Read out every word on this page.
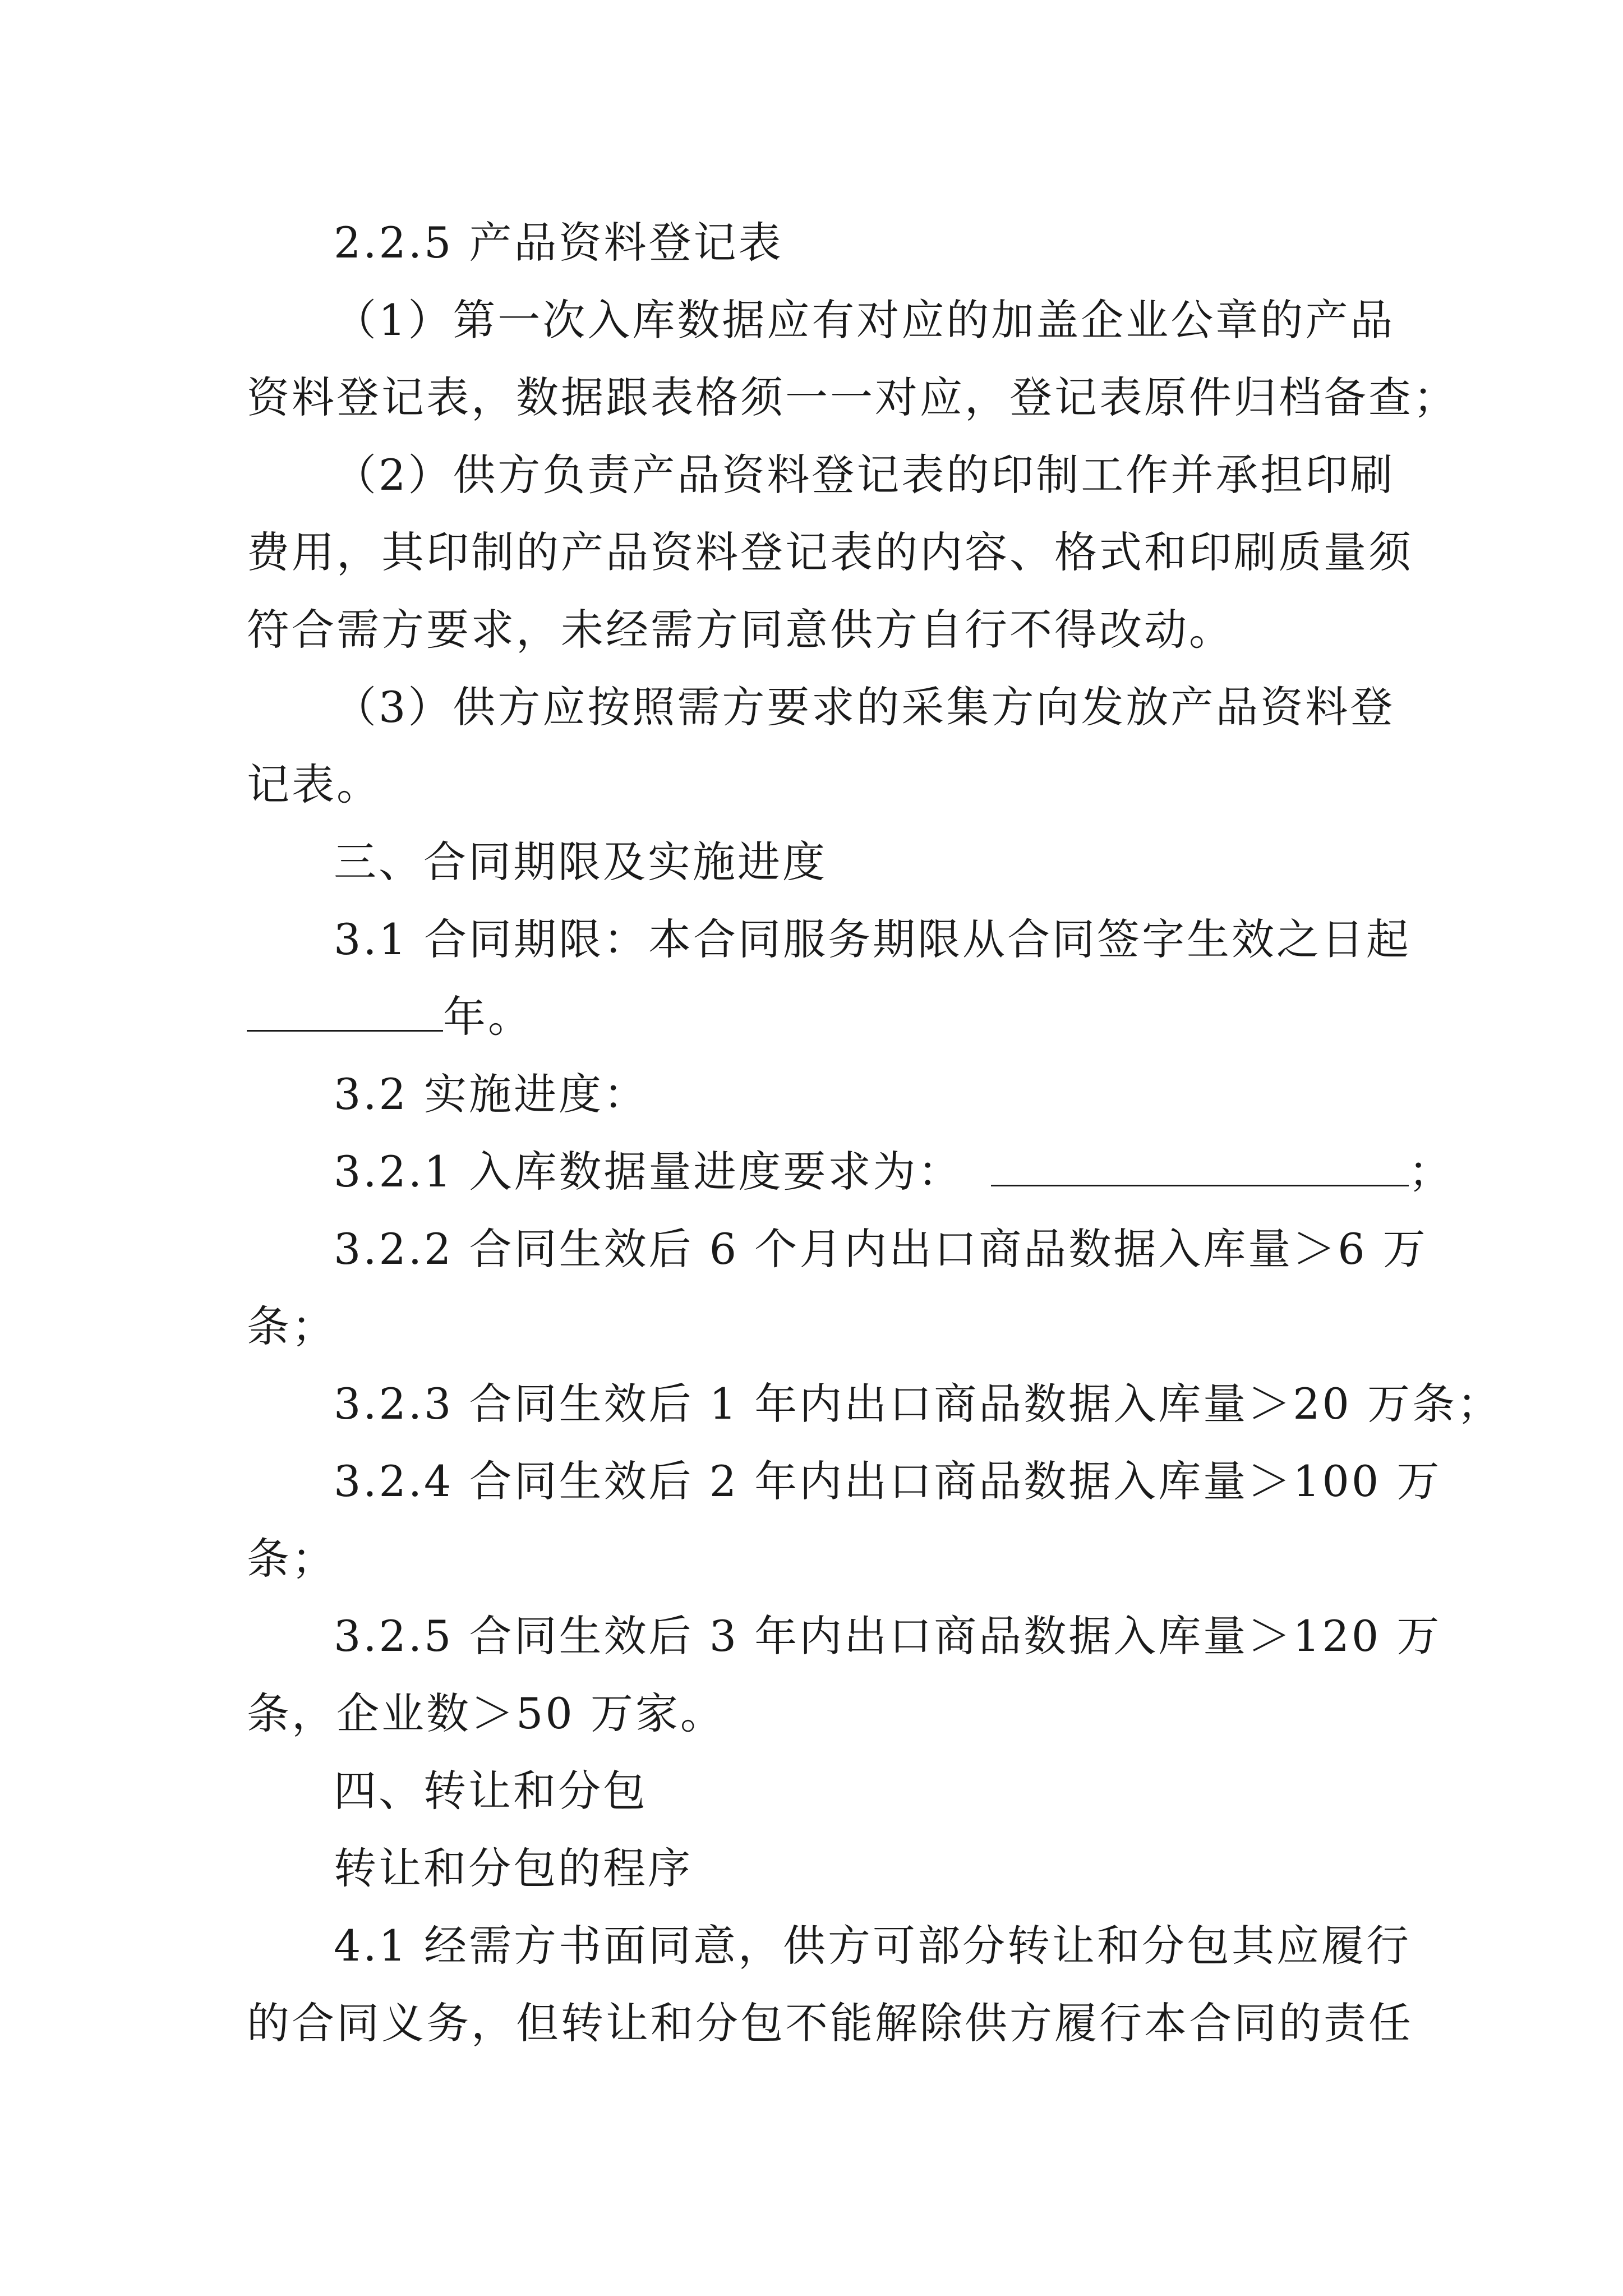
2.2.5 产品资料登记表
（1）第一次入库数据应有对应的加盖企业公章的产品
资料登记表，数据跟表格须一一对应，登记表原件归档备查；
（2）供方负责产品资料登记表的印制工作并承担印刷
费用，其印制的产品资料登记表的内容、格式和印刷质量须
符合需方要求，未经需方同意供方自行不得改动。
（3）供方应按照需方要求的采集方向发放产品资料登
记表。
三、合同期限及实施进度
3.1 合同期限：本合同服务期限从合同签字生效之日起
年。
3.2 实施进度：
3.2.1 入库数据量进度要求为：	；
3.2.2 合同生效后 6 个月内出口商品数据入库量＞6 万
条；
3.2.3 合同生效后 1 年内出口商品数据入库量＞20 万条；
3.2.4 合同生效后 2 年内出口商品数据入库量＞100 万
条；
3.2.5 合同生效后 3 年内出口商品数据入库量＞120 万
条，企业数＞50 万家。
四、转让和分包
转让和分包的程序
4.1 经需方书面同意，供方可部分转让和分包其应履行
的合同义务，但转让和分包不能解除供方履行本合同的责任
